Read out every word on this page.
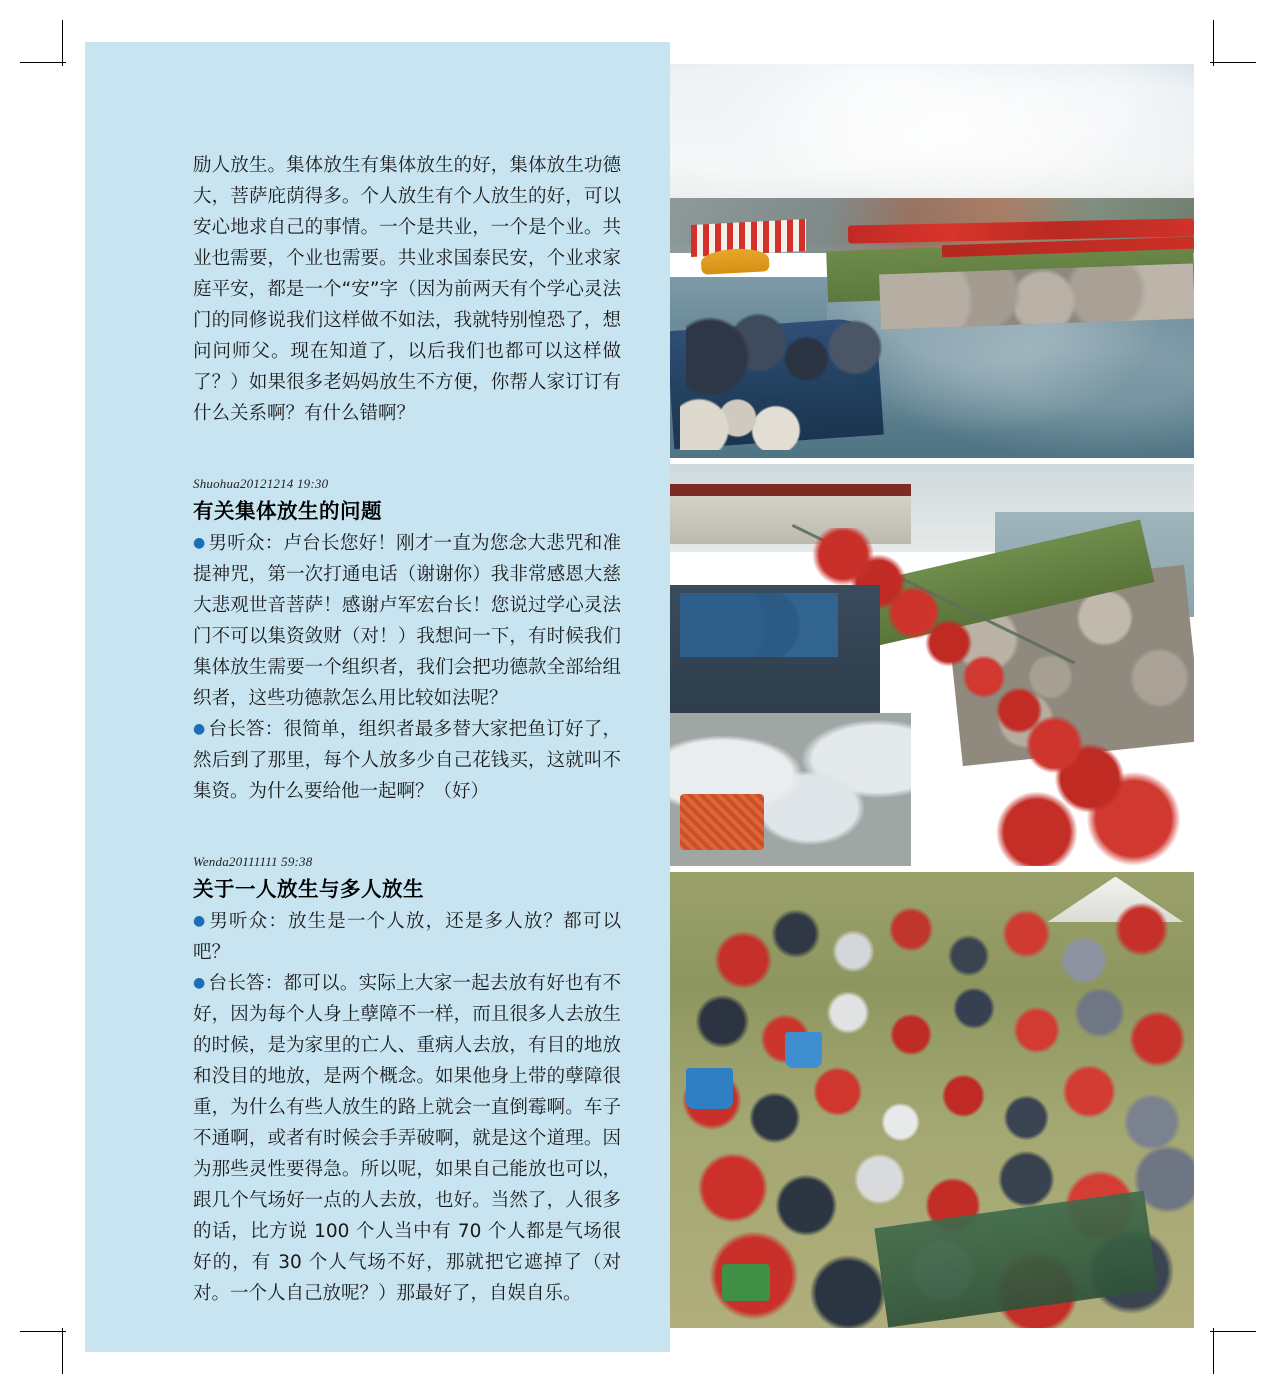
励人放生。集体放生有集体放生的好，集体放生功德大，菩萨庇荫得多。个人放生有个人放生的好，可以安心地求自己的事情。一个是共业，一个是个业。共业也需要，个业也需要。共业求国泰民安，个业求家庭平安，都是一个“安”字（因为前两天有个学心灵法门的同修说我们这样做不如法，我就特别惶恐了，想问问师父。现在知道了，以后我们也都可以这样做了？）如果很多老妈妈放生不方便，你帮人家订订有什么关系啊？有什么错啊？

Shuohua20121214 19:30

有关集体放生的问题

● 男听众：卢台长您好！刚才一直为您念大悲咒和准提神咒，第一次打通电话（谢谢你）我非常感恩大慈大悲观世音菩萨！感谢卢军宏台长！您说过学心灵法门不可以集资敛财（对！）我想问一下，有时候我们集体放生需要一个组织者，我们会把功德款全部给组织者，这些功德款怎么用比较如法呢？

● 台长答：很简单，组织者最多替大家把鱼订好了，然后到了那里，每个人放多少自己花钱买，这就叫不集资。为什么要给他一起啊？（好）

Wenda20111111 59:38

关于一人放生与多人放生

● 男听众：放生是一个人放，还是多人放？都可以吧？

● 台长答：都可以。实际上大家一起去放有好也有不好，因为每个人身上孽障不一样，而且很多人去放生的时候，是为家里的亡人、重病人去放，有目的地放和没目的地放，是两个概念。如果他身上带的孽障很重，为什么有些人放生的路上就会一直倒霉啊。车子不通啊，或者有时候会手弄破啊，就是这个道理。因为那些灵性要得急。所以呢，如果自己能放也可以，跟几个气场好一点的人去放，也好。当然了，人很多的话，比方说 100 个人当中有 70 个人都是气场很好的，有 30 个人气场不好，那就把它遮掉了（对对。一个人自己放呢？）那最好了，自娱自乐。
